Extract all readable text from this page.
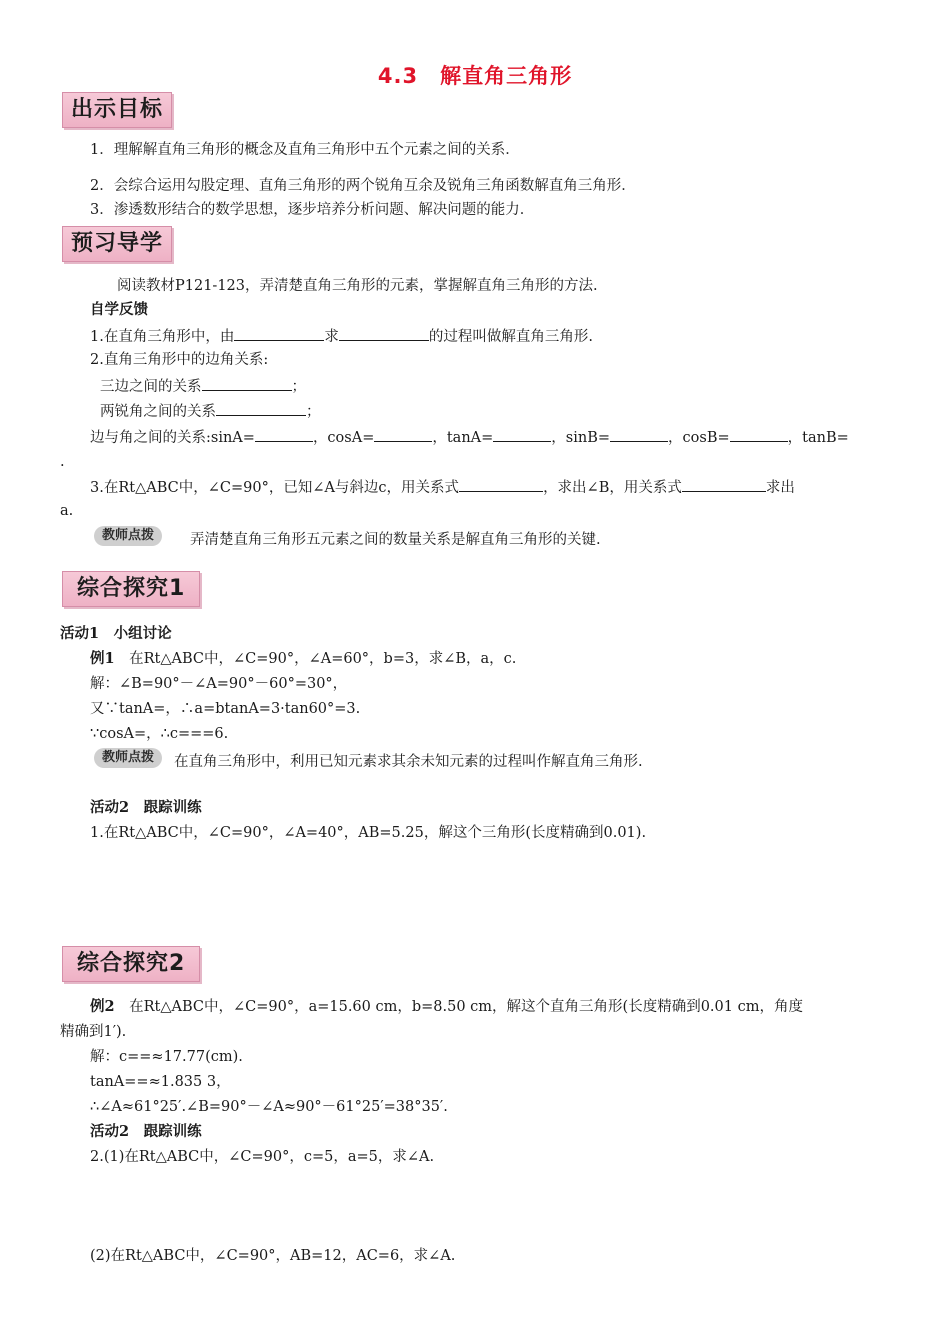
4.3　解直角三角形
出示目标
1．理解解直角三角形的概念及直角三角形中五个元素之间的关系．
2．会综合运用勾股定理、直角三角形的两个锐角互余及锐角三角函数解直角三角形．
3．渗透数形结合的数学思想，逐步培养分析问题、解决问题的能力．
预习导学
阅读教材P121-123，弄清楚直角三角形的元素，掌握解直角三角形的方法.
自学反馈
1.在直角三角形中，由	求	的过程叫做解直角三角形.
2.直角三角形中的边角关系:
三边之间的关系	；
两锐角之间的关系	；
边与角之间的关系:sinA=	，cosA=	，tanA=	，sinB=	，cosB=	，tanB=
.
3.在Rt△ABC中，∠C=90°，已知∠A与斜边c，用关系式	，求出∠B，用关系式	求出
a.
教师点拨	弄清楚直角三角形五元素之间的数量关系是解直角三角形的关键.
综合探究1
活动1　小组讨论
例1　 在Rt△ABC中，∠C=90°，∠A=60°，b=3，求∠B，a，c.
解：∠B=90°－∠A=90°－60°=30°，
又∵tanA=，∴a=btanA=3·tan60°=3.
∵cosA=，∴c===6.
教师点拨	在直角三角形中，利用已知元素求其余未知元素的过程叫作解直角三角形.
活动2　跟踪训练
1.在Rt△ABC中，∠C=90°，∠A=40°，AB=5.25，解这个三角形(长度精确到0.01).
综合探究2
例2　 在Rt△ABC中，∠C=90°，a=15.60 cm，b=8.50 cm，解这个直角三角形(长度精确到0.01 cm，角度
精确到1′).
解：c==≈17.77(cm).
tanA==≈1.835 3，
∴∠A≈61°25′.∠B=90°－∠A≈90°－61°25′=38°35′.
活动2　跟踪训练
2.(1)在Rt△ABC中，∠C=90°，c=5，a=5，求∠A.
(2)在Rt△ABC中，∠C=90°，AB=12，AC=6，求∠A.
